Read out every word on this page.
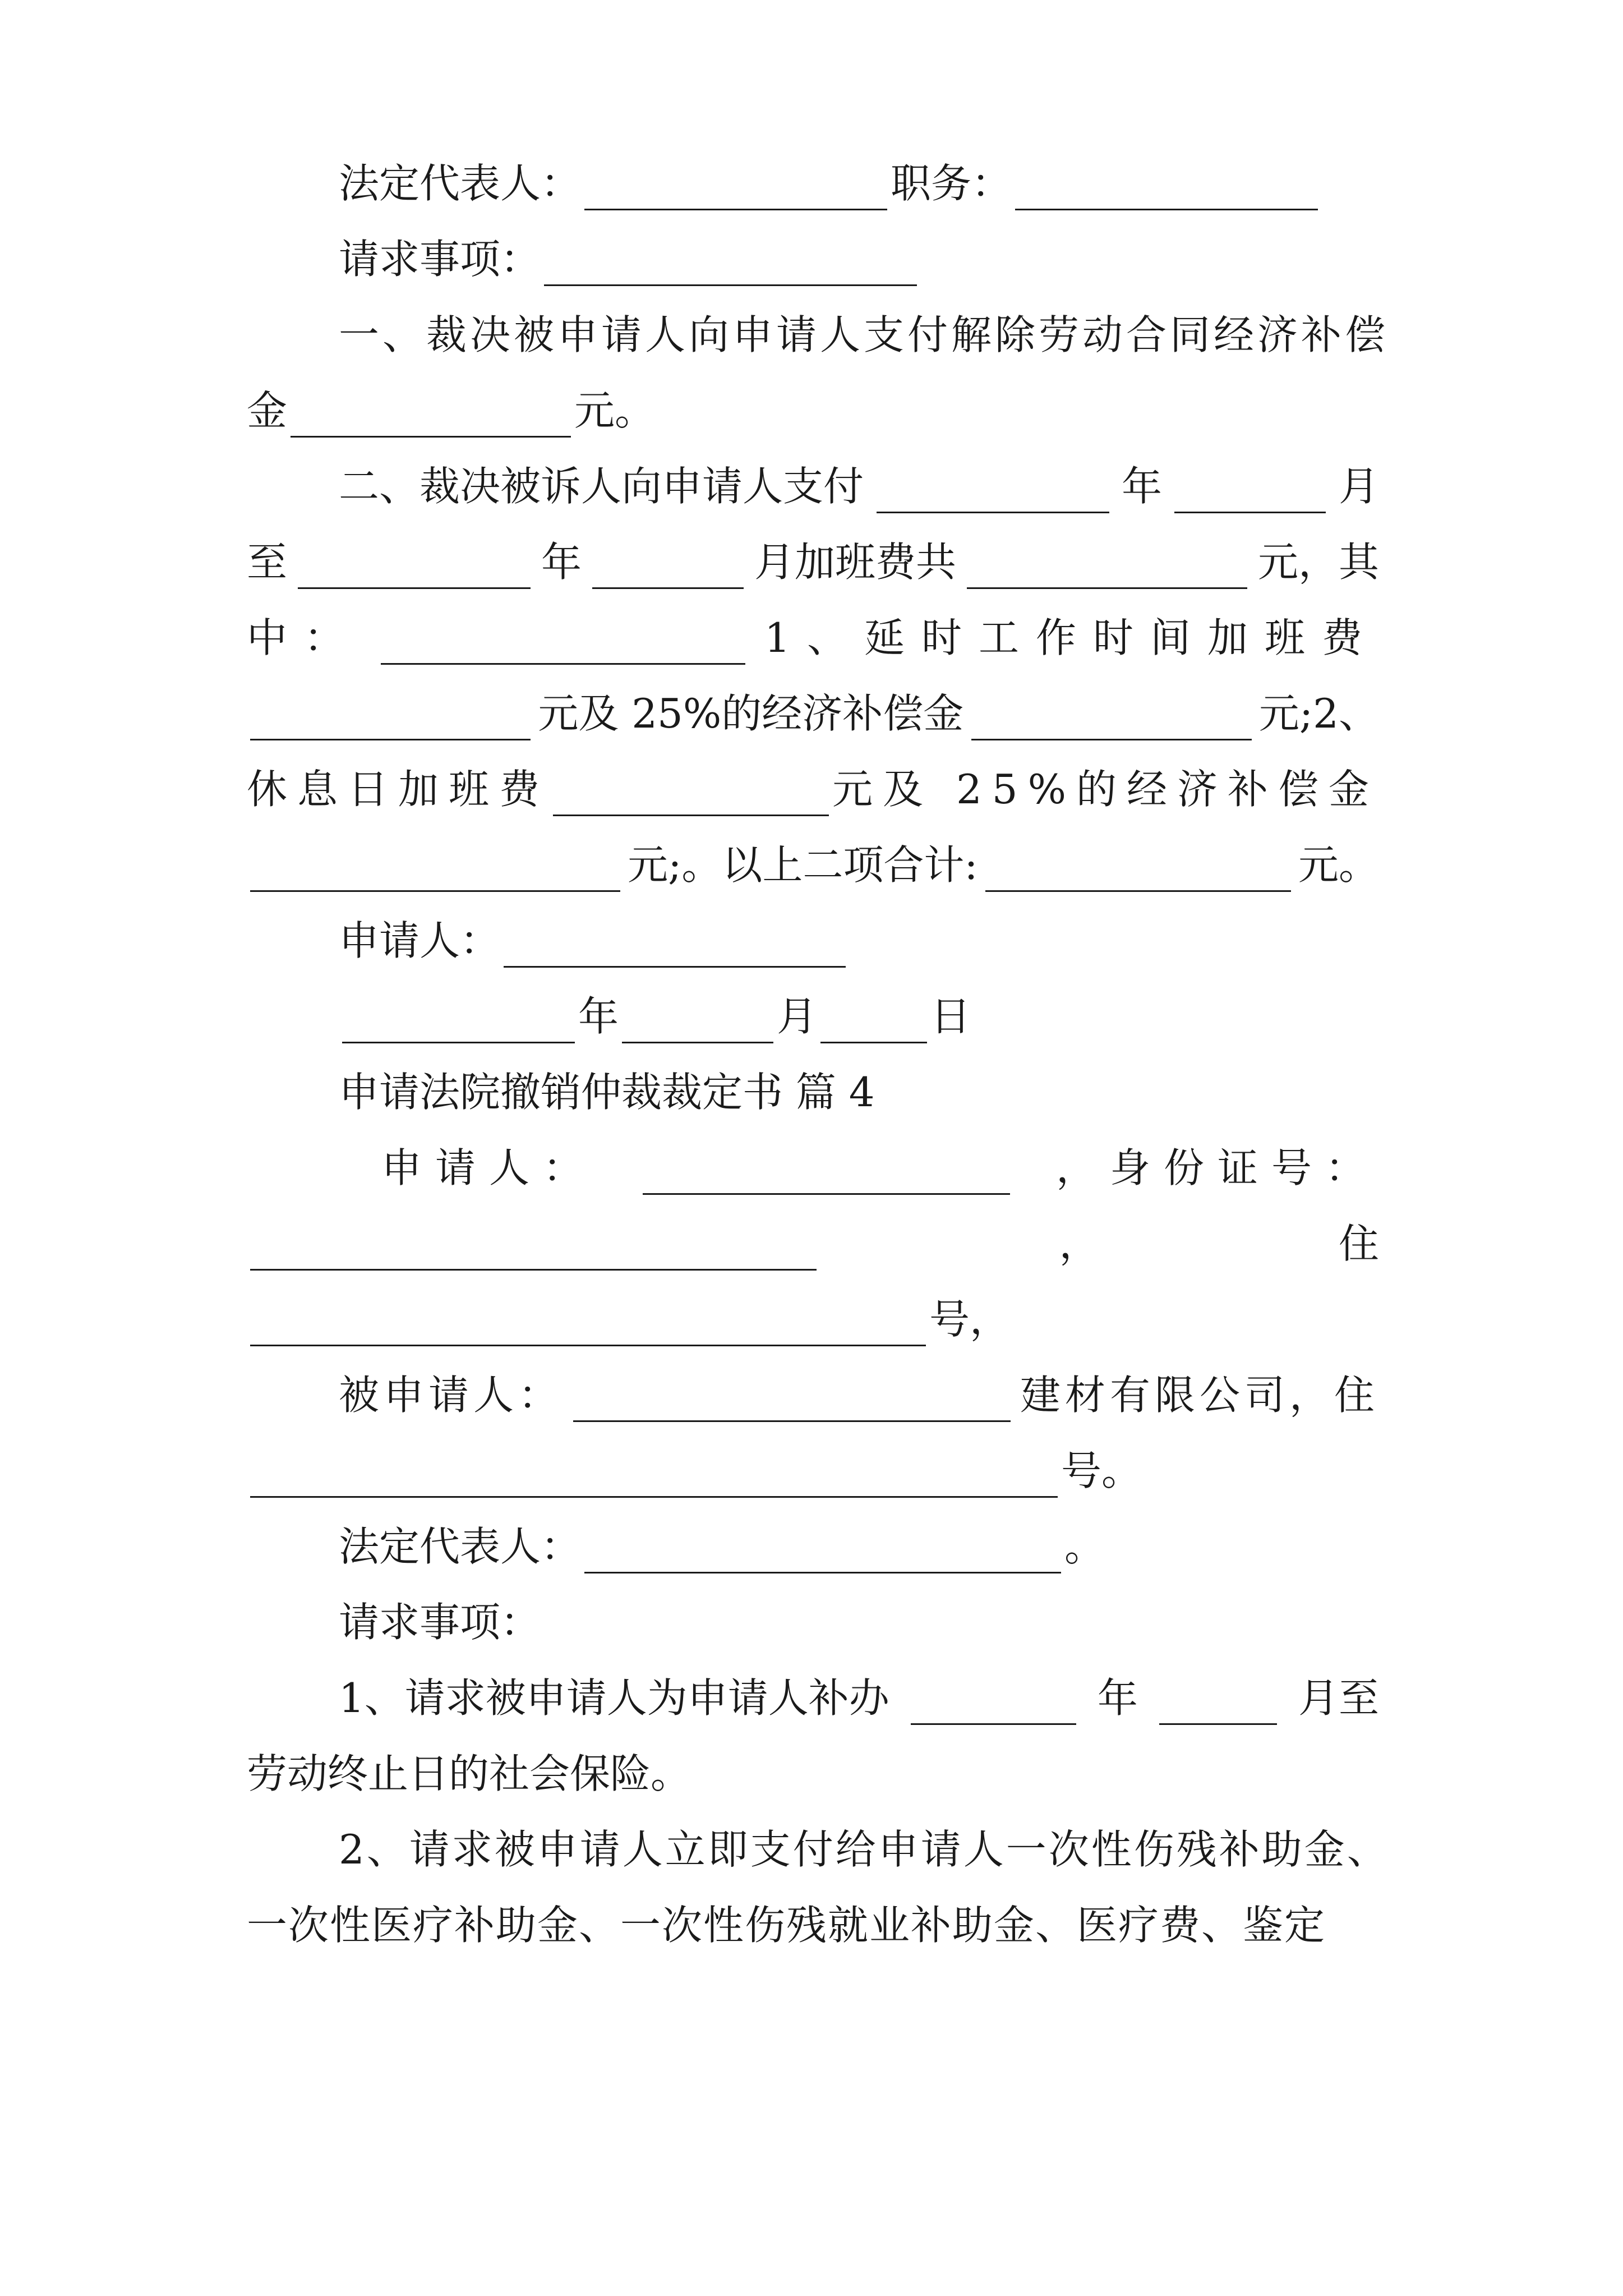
法定代表人：	职务：
请求事项：
一、裁决被申请人向申请人支付解除劳动合同经济补偿
金	元。
二、裁决被诉人向申请人支付	年	月
至	年	月加班费共	元，其
中：	1、延时工作时间加班费
元及 25%的经济补偿金	元;2、
休息日加班费	元及 25%的经济补偿金
元;。以上二项合计:	元。
申请人：
年	月	日
申请法院撤销仲裁裁定书 篇 4
申请人：	，身份证号：
，	住
号，
被申请人：	建材有限公司，住
号。
法定代表人：	。
请求事项：
1、请求被申请人为申请人补办	年	月至
劳动终止日的社会保险。
2、请求被申请人立即支付给申请人一次性伤残补助金、
一次性医疗补助金、一次性伤残就业补助金、医疗费、鉴定
